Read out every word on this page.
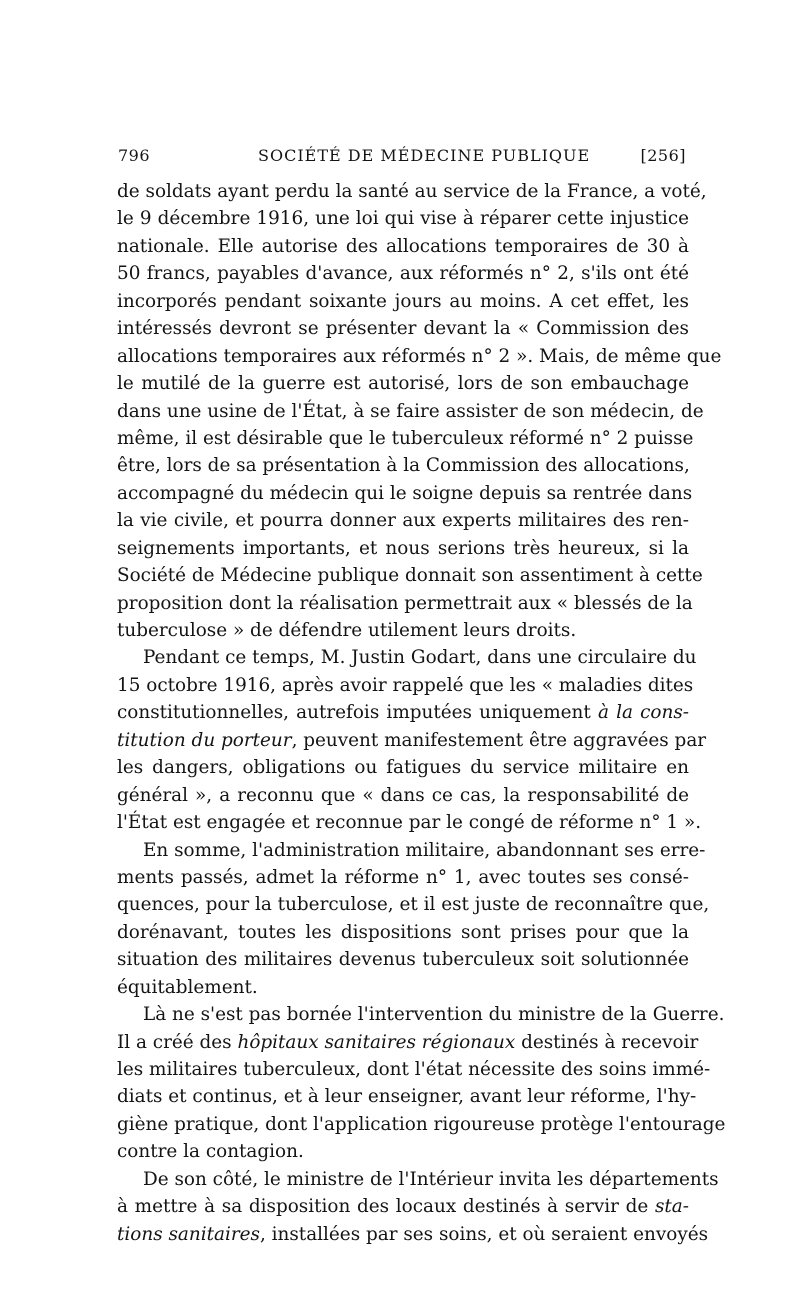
796	SOCIÉTÉ DE MÉDECINE PUBLIQUE	[256]
de soldats ayant perdu la santé au service de la France, a voté,
le 9 décembre 1916, une loi qui vise à réparer cette injustice
nationale. Elle autorise des allocations temporaires de 30 à
50 francs, payables d'avance, aux réformés n° 2, s'ils ont été
incorporés pendant soixante jours au moins. A cet effet, les
intéressés devront se présenter devant la « Commission des
allocations temporaires aux réformés n° 2 ». Mais, de même que
le mutilé de la guerre est autorisé, lors de son embauchage
dans une usine de l'État, à se faire assister de son médecin, de
même, il est désirable que le tuberculeux réformé n° 2 puisse
être, lors de sa présentation à la Commission des allocations,
accompagné du médecin qui le soigne depuis sa rentrée dans
la vie civile, et pourra donner aux experts militaires des ren-
seignements importants, et nous serions très heureux, si la
Société de Médecine publique donnait son assentiment à cette
proposition dont la réalisation permettrait aux « blessés de la
tuberculose » de défendre utilement leurs droits.
Pendant ce temps, M. Justin Godart, dans une circulaire du
15 octobre 1916, après avoir rappelé que les « maladies dites
constitutionnelles, autrefois imputées uniquement à la cons-
titution du porteur, peuvent manifestement être aggravées par
les dangers, obligations ou fatigues du service militaire en
général », a reconnu que « dans ce cas, la responsabilité de
l'État est engagée et reconnue par le congé de réforme n° 1 ».
En somme, l'administration militaire, abandonnant ses erre-
ments passés, admet la réforme n° 1, avec toutes ses consé-
quences, pour la tuberculose, et il est juste de reconnaître que,
dorénavant, toutes les dispositions sont prises pour que la
situation des militaires devenus tuberculeux soit solutionnée
équitablement.
Là ne s'est pas bornée l'intervention du ministre de la Guerre.
Il a créé des hôpitaux sanitaires régionaux destinés à recevoir
les militaires tuberculeux, dont l'état nécessite des soins immé-
diats et continus, et à leur enseigner, avant leur réforme, l'hy-
giène pratique, dont l'application rigoureuse protège l'entourage
contre la contagion.
De son côté, le ministre de l'Intérieur invita les départements
à mettre à sa disposition des locaux destinés à servir de sta-
tions sanitaires, installées par ses soins, et où seraient envoyés
